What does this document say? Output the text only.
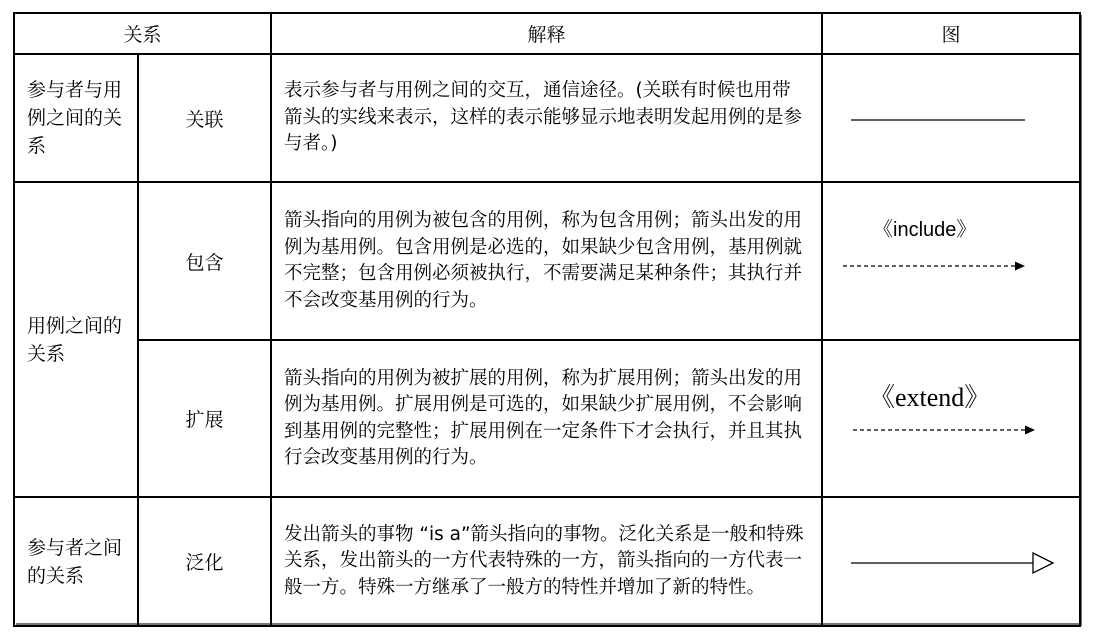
关系		解释	图

参与者与用例之间的关系	关联	表示参与者与用例之间的交互，通信途径。(关联有时候也用带箭头的实线来表示，这样的表示能够显示地表明发起用例的是参与者。)	

用例之间的关系	包含	箭头指向的用例为被包含的用例，称为包含用例；箭头出发的用例为基用例。包含用例是必选的，如果缺少包含用例，基用例就不完整；包含用例必须被执行，不需要满足某种条件；其执行并不会改变基用例的行为。	《include》

	扩展	箭头指向的用例为被扩展的用例，称为扩展用例；箭头出发的用例为基用例。扩展用例是可选的，如果缺少扩展用例，不会影响到基用例的完整性；扩展用例在一定条件下才会执行，并且其执行会改变基用例的行为。	《extend》

参与者之间的关系	泛化	发出箭头的事物 “is a”箭头指向的事物。泛化关系是一般和特殊关系，发出箭头的一方代表特殊的一方，箭头指向的一方代表一般一方。特殊一方继承了一般方的特性并增加了新的特性。	
